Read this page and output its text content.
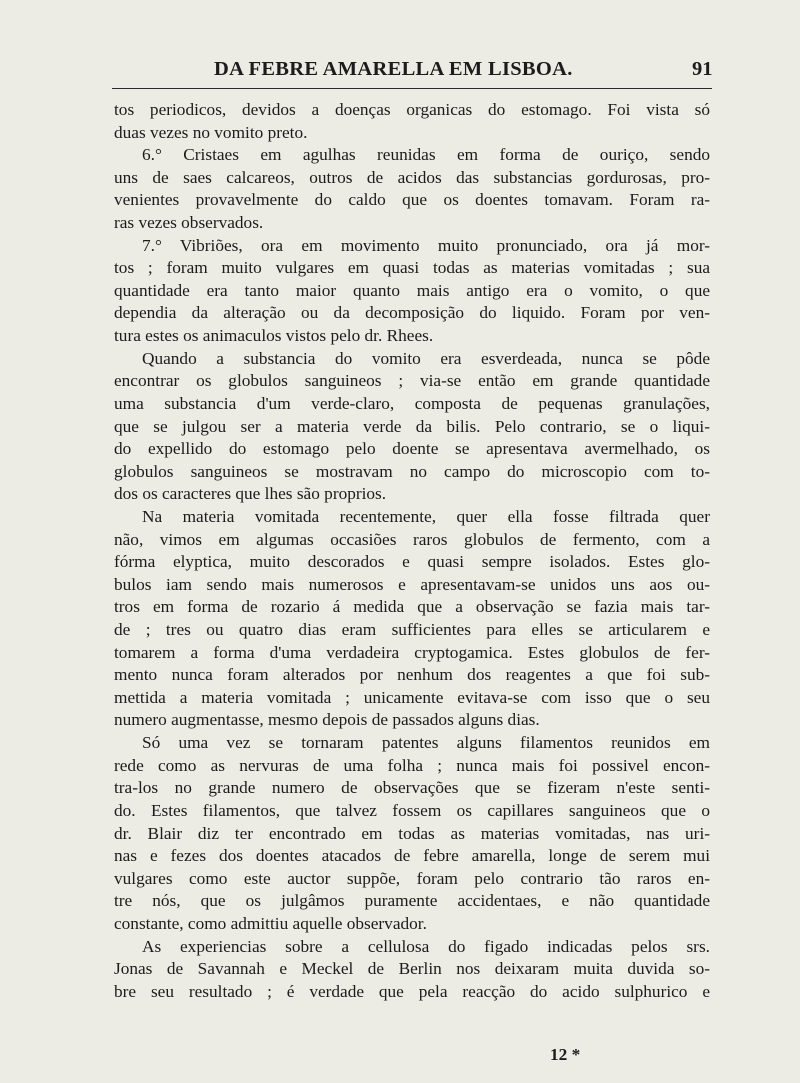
DA FEBRE AMARELLA EM LISBOA.	91
tos periodicos, devidos a doenças organicas do estomago. Foi vista só
duas vezes no vomito preto.
6.° Cristaes em agulhas reunidas em forma de ouriço, sendo
uns de saes calcareos, outros de acidos das substancias gordurosas, pro-
venientes provavelmente do caldo que os doentes tomavam. Foram ra-
ras vezes observados.
7.° Vibriões, ora em movimento muito pronunciado, ora já mor-
tos ; foram muito vulgares em quasi todas as materias vomitadas ; sua
quantidade era tanto maior quanto mais antigo era o vomito, o que
dependia da alteração ou da decomposição do liquido. Foram por ven-
tura estes os animaculos vistos pelo dr. Rhees.
Quando a substancia do vomito era esverdeada, nunca se pôde
encontrar os globulos sanguineos ; via-se então em grande quantidade
uma substancia d'um verde-claro, composta de pequenas granulações,
que se julgou ser a materia verde da bilis. Pelo contrario, se o liqui-
do expellido do estomago pelo doente se apresentava avermelhado, os
globulos sanguineos se mostravam no campo do microscopio com to-
dos os caracteres que lhes são proprios.
Na materia vomitada recentemente, quer ella fosse filtrada quer
não, vimos em algumas occasiões raros globulos de fermento, com a
fórma elyptica, muito descorados e quasi sempre isolados. Estes glo-
bulos iam sendo mais numerosos e apresentavam-se unidos uns aos ou-
tros em forma de rozario á medida que a observação se fazia mais tar-
de ; tres ou quatro dias eram sufficientes para elles se articularem e
tomarem a forma d'uma verdadeira cryptogamica. Estes globulos de fer-
mento nunca foram alterados por nenhum dos reagentes a que foi sub-
mettida a materia vomitada ; unicamente evitava-se com isso que o seu
numero augmentasse, mesmo depois de passados alguns dias.
Só uma vez se tornaram patentes alguns filamentos reunidos em
rede como as nervuras de uma folha ; nunca mais foi possivel encon-
tra-los no grande numero de observações que se fizeram n'este senti-
do. Estes filamentos, que talvez fossem os capillares sanguineos que o
dr. Blair diz ter encontrado em todas as materias vomitadas, nas uri-
nas e fezes dos doentes atacados de febre amarella, longe de serem mui
vulgares como este auctor suppõe, foram pelo contrario tão raros en-
tre nós, que os julgâmos puramente accidentaes, e não quantidade
constante, como admittiu aquelle observador.
As experiencias sobre a cellulosa do figado indicadas pelos srs.
Jonas de Savannah e Meckel de Berlin nos deixaram muita duvida so-
bre seu resultado ; é verdade que pela reacção do acido sulphurico e
12 *
